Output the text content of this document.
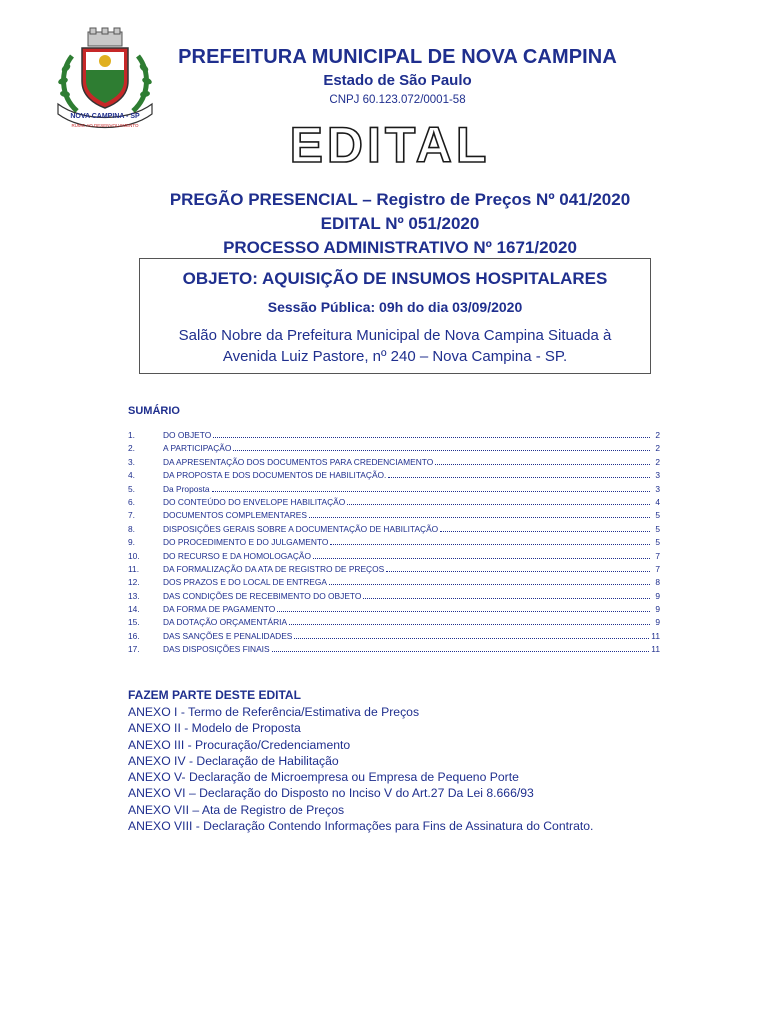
NOVA CAMPINA - SP
RUMO AO DESENVOLVIMENTO
PREFEITURA MUNICIPAL DE NOVA CAMPINA
Estado de São Paulo
CNPJ 60.123.072/0001-58
EDITAL
PREGÃO PRESENCIAL – Registro de Preços Nº 041/2020
EDITAL Nº 051/2020
PROCESSO ADMINISTRATIVO Nº 1671/2020
OBJETO: AQUISIÇÃO DE INSUMOS HOSPITALARES
Sessão Pública: 09h do dia 03/09/2020
Salão Nobre da Prefeitura Municipal de Nova Campina Situada à
Avenida Luiz Pastore, nº 240 – Nova Campina - SP.
SUMÁRIO
1.	DO OBJETO	2
2.	A PARTICIPAÇÃO	2
3.	DA APRESENTAÇÃO DOS DOCUMENTOS PARA CREDENCIAMENTO	2
4.	DA PROPOSTA E DOS DOCUMENTOS DE HABILITAÇÃO.	3
5.	Da Proposta	3
6.	DO CONTEÚDO DO ENVELOPE HABILITAÇÃO	4
7.	DOCUMENTOS COMPLEMENTARES	5
8.	DISPOSIÇÕES GERAIS SOBRE A DOCUMENTAÇÃO DE HABILITAÇÃO	5
9.	DO PROCEDIMENTO E DO JULGAMENTO	5
10.	DO RECURSO E DA HOMOLOGAÇÃO	7
11.	DA FORMALIZAÇÃO DA ATA DE REGISTRO DE PREÇOS	7
12.	DOS PRAZOS E DO LOCAL DE ENTREGA	8
13.	DAS CONDIÇÕES DE RECEBIMENTO DO OBJETO	9
14.	DA FORMA DE PAGAMENTO	9
15.	DA DOTAÇÃO ORÇAMENTÁRIA	9
16.	DAS SANÇÕES E PENALIDADES	11
17.	DAS DISPOSIÇÕES FINAIS	11
FAZEM PARTE DESTE EDITAL
ANEXO I - Termo de Referência/Estimativa de Preços
ANEXO II - Modelo de Proposta
ANEXO III - Procuração/Credenciamento
ANEXO IV - Declaração de Habilitação
ANEXO V- Declaração de Microempresa ou Empresa de Pequeno Porte
ANEXO VI – Declaração do Disposto no Inciso V do Art.27 Da Lei 8.666/93
ANEXO VII – Ata de Registro de Preços
ANEXO VIII - Declaração Contendo Informações para Fins de Assinatura do Contrato.
